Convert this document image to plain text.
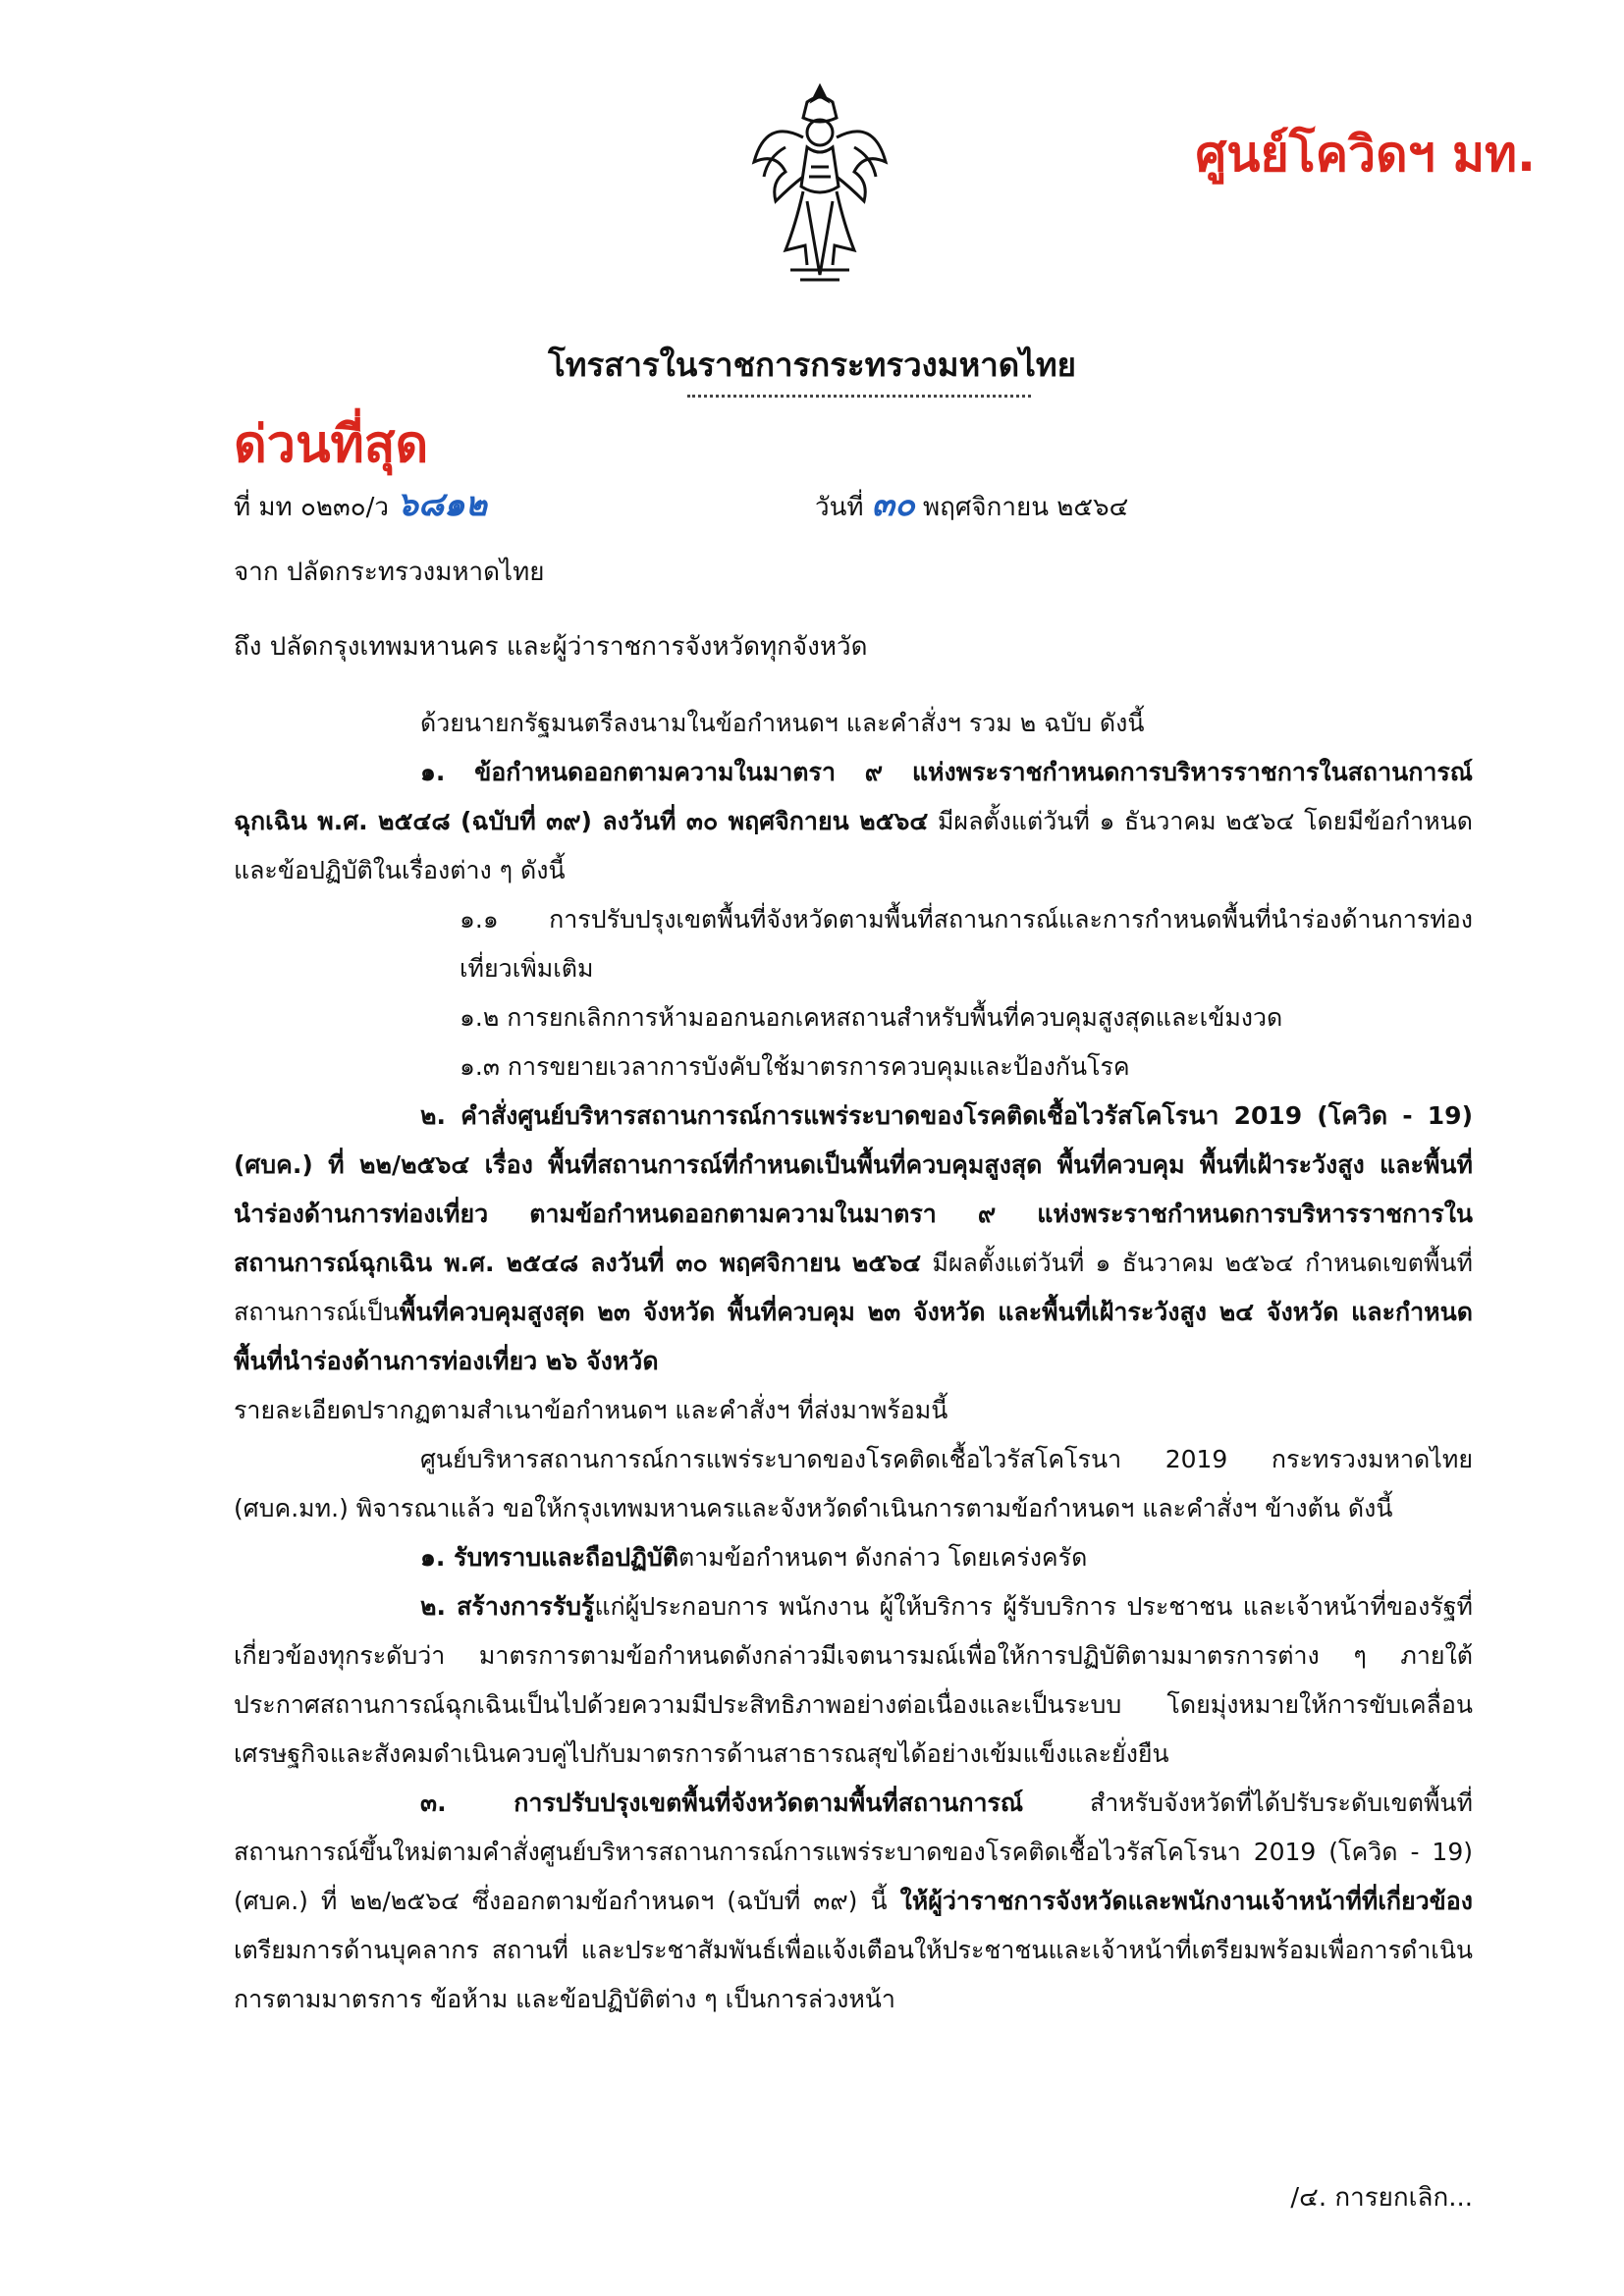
ศูนย์โควิดฯ มท.
โทรสารในราชการกระทรวงมหาดไทย
ด่วนที่สุด
ที่ มท ๐๒๓๐/ว ๖๘๑๒	วันที่ ๓๐ พฤศจิกายน ๒๕๖๔
จาก ปลัดกระทรวงมหาดไทย
ถึง ปลัดกรุงเทพมหานคร และผู้ว่าราชการจังหวัดทุกจังหวัด

ด้วยนายกรัฐมนตรีลงนามในข้อกำหนดฯ และคำสั่งฯ รวม ๒ ฉบับ ดังนี้

๑. ข้อกำหนดออกตามความในมาตรา ๙ แห่งพระราชกำหนดการบริหารราชการในสถานการณ์ฉุกเฉิน พ.ศ. ๒๕๔๘ (ฉบับที่ ๓๙) ลงวันที่ ๓๐ พฤศจิกายน ๒๕๖๔ มีผลตั้งแต่วันที่ ๑ ธันวาคม ๒๕๖๔ โดยมีข้อกำหนดและข้อปฏิบัติในเรื่องต่าง ๆ ดังนี้

๑.๑ การปรับปรุงเขตพื้นที่จังหวัดตามพื้นที่สถานการณ์และการกำหนดพื้นที่นำร่องด้านการท่องเที่ยวเพิ่มเติม

๑.๒ การยกเลิกการห้ามออกนอกเคหสถานสำหรับพื้นที่ควบคุมสูงสุดและเข้มงวด

๑.๓ การขยายเวลาการบังคับใช้มาตรการควบคุมและป้องกันโรค

๒. คำสั่งศูนย์บริหารสถานการณ์การแพร่ระบาดของโรคติดเชื้อไวรัสโคโรนา 2019 (โควิด - 19) (ศบค.) ที่ ๒๒/๒๕๖๔ เรื่อง พื้นที่สถานการณ์ที่กำหนดเป็นพื้นที่ควบคุมสูงสุด พื้นที่ควบคุม พื้นที่เฝ้าระวังสูง และพื้นที่นำร่องด้านการท่องเที่ยว ตามข้อกำหนดออกตามความในมาตรา ๙ แห่งพระราชกำหนดการบริหารราชการในสถานการณ์ฉุกเฉิน พ.ศ. ๒๕๔๘ ลงวันที่ ๓๐ พฤศจิกายน ๒๕๖๔ มีผลตั้งแต่วันที่ ๑ ธันวาคม ๒๕๖๔ กำหนดเขตพื้นที่สถานการณ์เป็นพื้นที่ควบคุมสูงสุด ๒๓ จังหวัด พื้นที่ควบคุม ๒๓ จังหวัด และพื้นที่เฝ้าระวังสูง ๒๔ จังหวัด และกำหนดพื้นที่นำร่องด้านการท่องเที่ยว ๒๖ จังหวัด

รายละเอียดปรากฏตามสำเนาข้อกำหนดฯ และคำสั่งฯ ที่ส่งมาพร้อมนี้

ศูนย์บริหารสถานการณ์การแพร่ระบาดของโรคติดเชื้อไวรัสโคโรนา 2019 กระทรวงมหาดไทย (ศบค.มท.) พิจารณาแล้ว ขอให้กรุงเทพมหานครและจังหวัดดำเนินการตามข้อกำหนดฯ และคำสั่งฯ ข้างต้น ดังนี้

๑. รับทราบและถือปฏิบัติตามข้อกำหนดฯ ดังกล่าว โดยเคร่งครัด

๒. สร้างการรับรู้แก่ผู้ประกอบการ พนักงาน ผู้ให้บริการ ผู้รับบริการ ประชาชน และเจ้าหน้าที่ของรัฐที่เกี่ยวข้องทุกระดับว่า มาตรการตามข้อกำหนดดังกล่าวมีเจตนารมณ์เพื่อให้การปฏิบัติตามมาตรการต่าง ๆ ภายใต้ประกาศสถานการณ์ฉุกเฉินเป็นไปด้วยความมีประสิทธิภาพอย่างต่อเนื่องและเป็นระบบ โดยมุ่งหมายให้การขับเคลื่อนเศรษฐกิจและสังคมดำเนินควบคู่ไปกับมาตรการด้านสาธารณสุขได้อย่างเข้มแข็งและยั่งยืน

๓. การปรับปรุงเขตพื้นที่จังหวัดตามพื้นที่สถานการณ์ สำหรับจังหวัดที่ได้ปรับระดับเขตพื้นที่สถานการณ์ขึ้นใหม่ตามคำสั่งศูนย์บริหารสถานการณ์การแพร่ระบาดของโรคติดเชื้อไวรัสโคโรนา 2019 (โควิด - 19) (ศบค.) ที่ ๒๒/๒๕๖๔ ซึ่งออกตามข้อกำหนดฯ (ฉบับที่ ๓๙) นี้ ให้ผู้ว่าราชการจังหวัดและพนักงานเจ้าหน้าที่ที่เกี่ยวข้องเตรียมการด้านบุคลากร สถานที่ และประชาสัมพันธ์เพื่อแจ้งเตือนให้ประชาชนและเจ้าหน้าที่เตรียมพร้อมเพื่อการดำเนินการตามมาตรการ ข้อห้าม และข้อปฏิบัติต่าง ๆ เป็นการล่วงหน้า

/๔. การยกเลิก...
